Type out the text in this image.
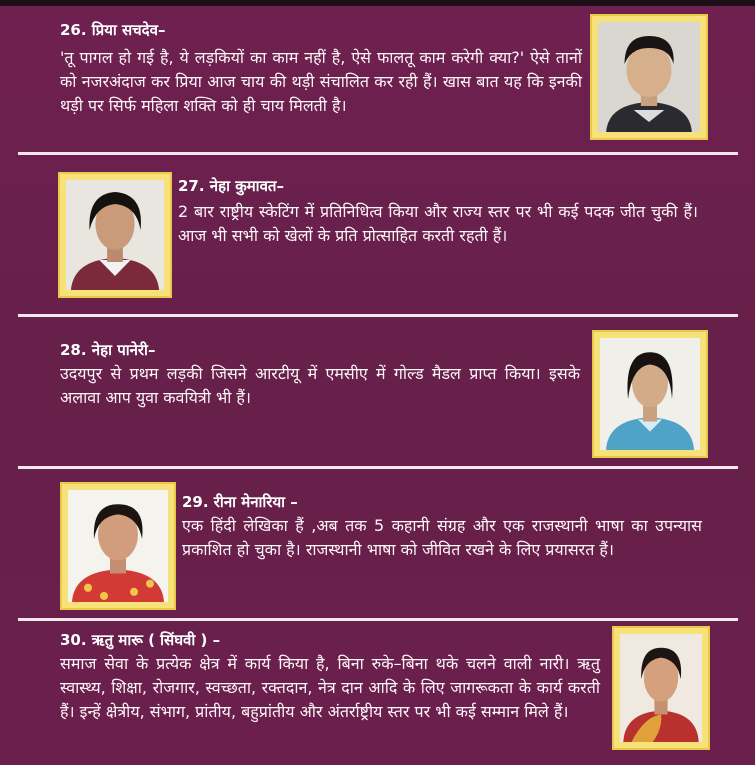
26. प्रिया सचदेव–
'तू पागल हो गई है, ये लड़कियों का काम नहीं है, ऐसे फालतू काम करेगी क्या?' ऐसे तानों को नजरअंदाज कर प्रिया आज चाय की थड़ी संचालित कर रही हैं। खास बात यह कि इनकी थड़ी पर सिर्फ महिला शक्ति को ही चाय मिलती है।
27. नेहा कुमावत–
2 बार राष्ट्रीय स्केटिंग में प्रतिनिधित्व किया और राज्य स्तर पर भी कई पदक जीत चुकी हैं। आज भी सभी को खेलों के प्रति प्रोत्साहित करती रहती हैं।
28. नेहा पानेरी–
उदयपुर से प्रथम लड़की जिसने आरटीयू में एमसीए में गोल्ड मैडल प्राप्त किया। इसके अलावा आप युवा कवयित्री भी हैं।
29. रीना मेनारिया –
एक हिंदी लेखिका हैं ,अब तक 5 कहानी संग्रह और एक राजस्थानी भाषा का उपन्यास प्रकाशित हो चुका है। राजस्थानी भाषा को जीवित रखने के लिए प्रयासरत हैं।
30. ऋतु मारू ( सिंघवी ) –
समाज सेवा के प्रत्येक क्षेत्र में कार्य किया है, बिना रुके–बिना थके चलने वाली नारी। ऋतु स्वास्थ्य, शिक्षा, रोजगार, स्वच्छता, रक्तदान, नेत्र दान आदि के लिए जागरूकता के कार्य करती हैं। इन्हें क्षेत्रीय, संभाग, प्रांतीय, बहुप्रांतीय और अंतर्राष्ट्रीय स्तर पर भी कई सम्मान मिले हैं।
